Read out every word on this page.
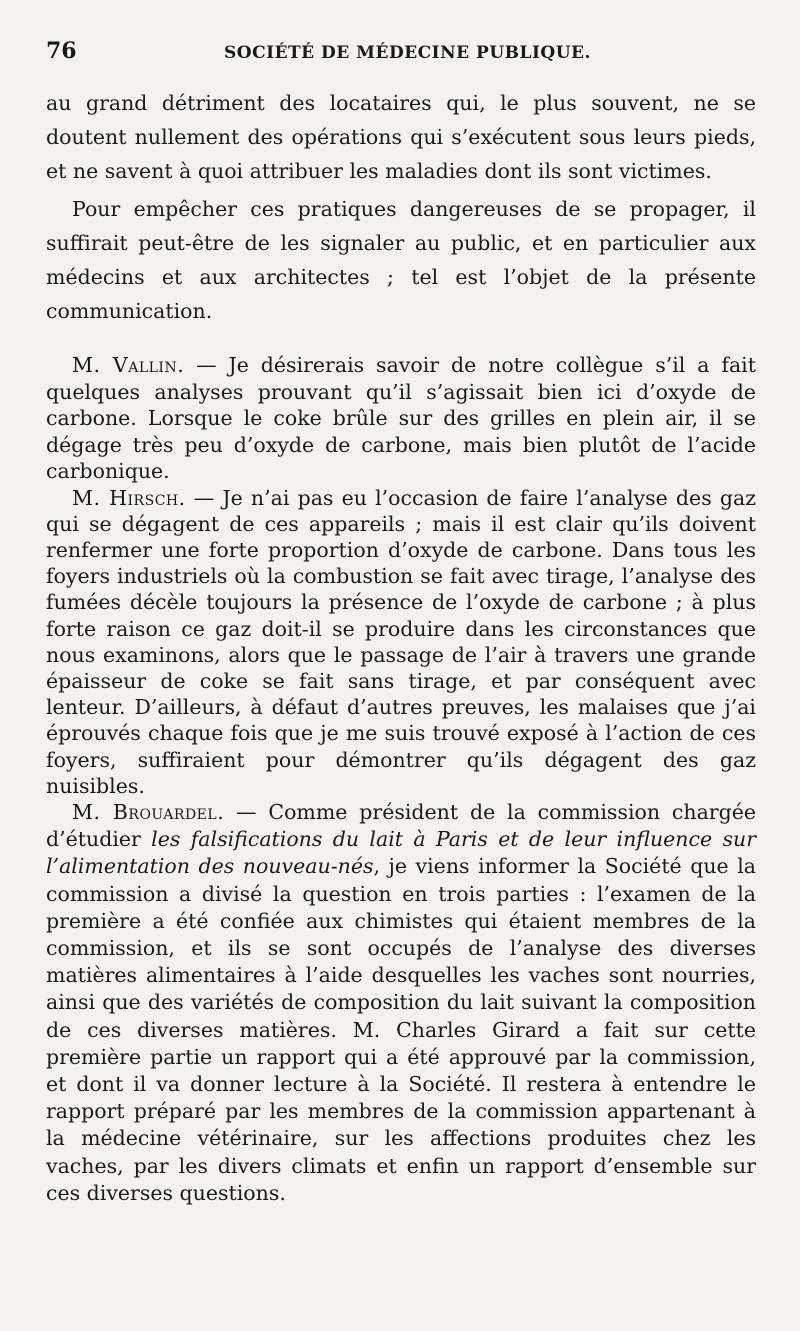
76	SOCIÉTÉ DE MÉDECINE PUBLIQUE.

au grand détriment des locataires qui, le plus souvent, ne se doutent nullement des opérations qui s’exécutent sous leurs pieds, et ne savent à quoi attribuer les maladies dont ils sont victimes.

Pour empêcher ces pratiques dangereuses de se propager, il suffirait peut-être de les signaler au public, et en particulier aux médecins et aux architectes ; tel est l’objet de la présente communication.

M. Vallin. — Je désirerais savoir de notre collègue s’il a fait quelques analyses prouvant qu’il s’agissait bien ici d’oxyde de carbone. Lorsque le coke brûle sur des grilles en plein air, il se dégage très peu d’oxyde de carbone, mais bien plutôt de l’acide carbonique.

M. Hirsch. — Je n’ai pas eu l’occasion de faire l’analyse des gaz qui se dégagent de ces appareils ; mais il est clair qu’ils doivent renfermer une forte proportion d’oxyde de carbone. Dans tous les foyers industriels où la combustion se fait avec tirage, l’analyse des fumées décèle toujours la présence de l’oxyde de carbone ; à plus forte raison ce gaz doit-il se produire dans les circonstances que nous examinons, alors que le passage de l’air à travers une grande épaisseur de coke se fait sans tirage, et par conséquent avec lenteur. D’ailleurs, à défaut d’autres preuves, les malaises que j’ai éprouvés chaque fois que je me suis trouvé exposé à l’action de ces foyers, suffiraient pour démontrer qu’ils dégagent des gaz nuisibles.

M. Brouardel. — Comme président de la commission chargée d’étudier les falsifications du lait à Paris et de leur influence sur l’alimentation des nouveau-nés, je viens informer la Société que la commission a divisé la question en trois parties : l’examen de la première a été confiée aux chimistes qui étaient membres de la commission, et ils se sont occupés de l’analyse des diverses matières alimentaires à l’aide desquelles les vaches sont nourries, ainsi que des variétés de composition du lait suivant la composition de ces diverses matières. M. Charles Girard a fait sur cette première partie un rapport qui a été approuvé par la commission, et dont il va donner lecture à la Société. Il restera à entendre le rapport préparé par les membres de la commission appartenant à la médecine vétérinaire, sur les affections produites chez les vaches, par les divers climats et enfin un rapport d’ensemble sur ces diverses questions.
